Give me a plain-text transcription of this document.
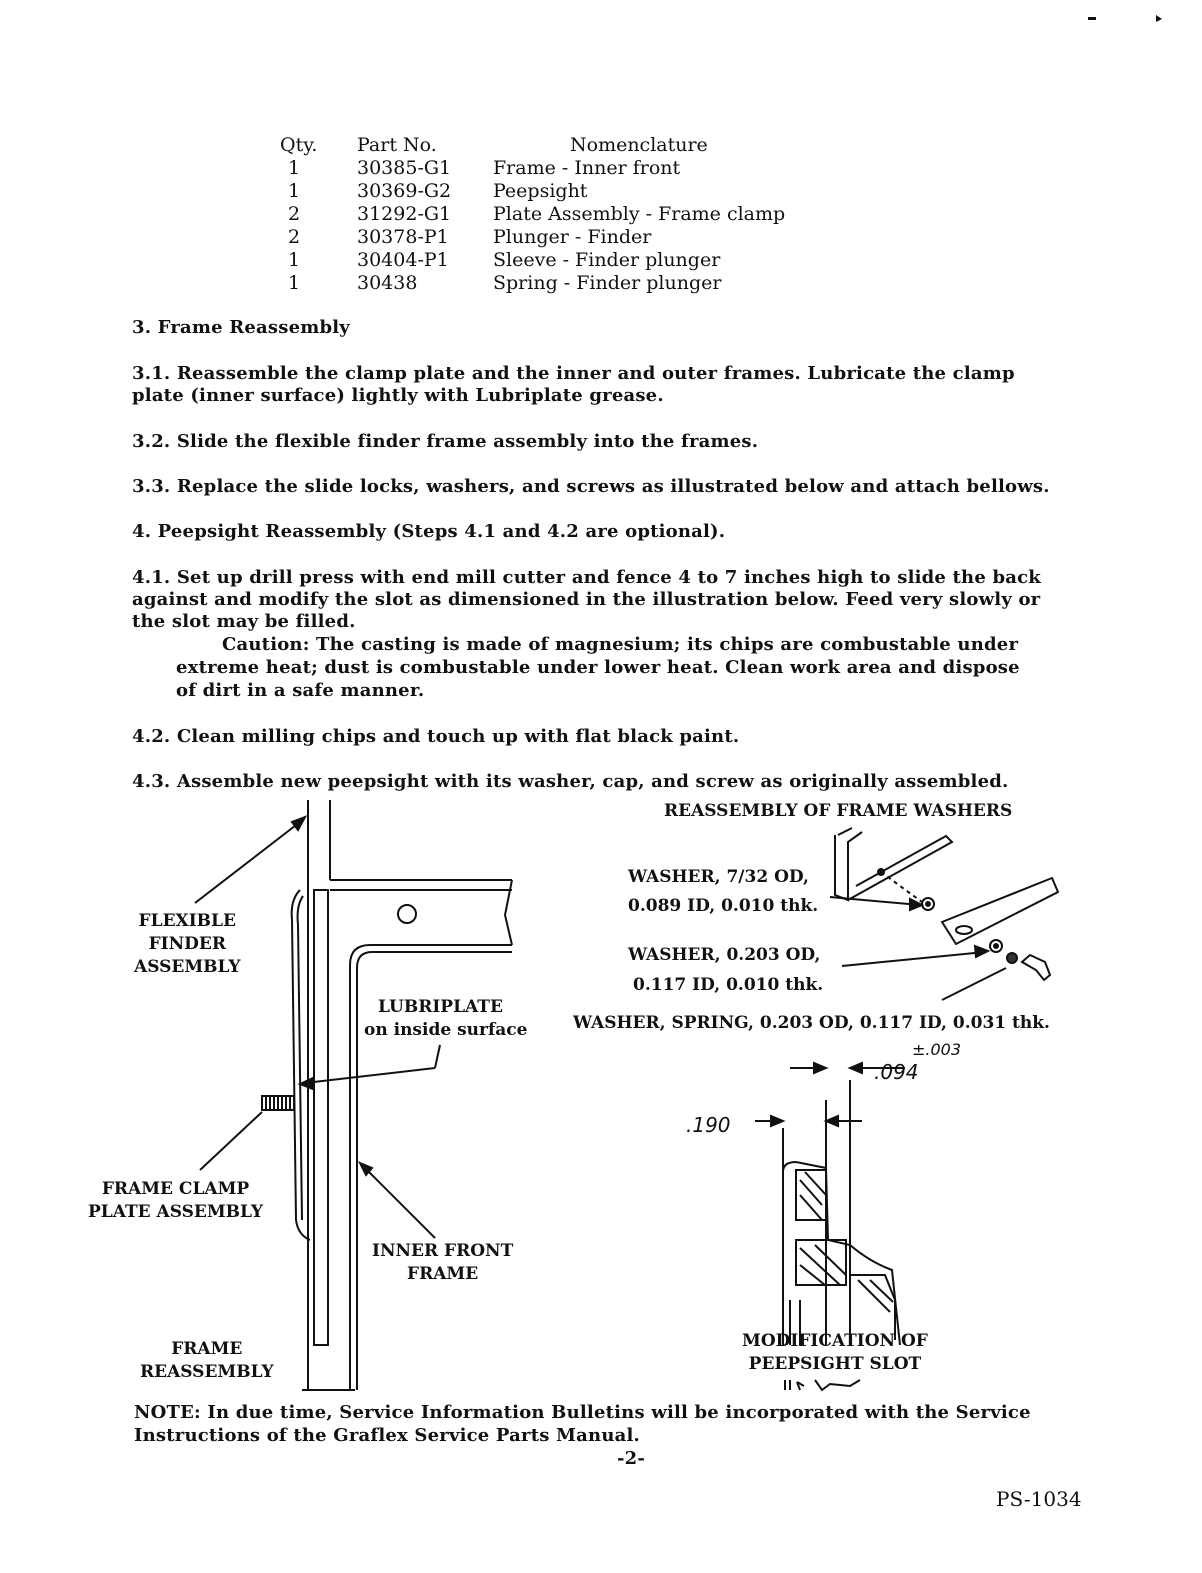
Qty. Part No.	Nomenclature
1	30385-G1 Frame - Inner front
1	30369-G2 Peepsight
2	31292-G1 Plate Assembly - Frame clamp
2	30378-P1 Plunger - Finder
1	30404-P1 Sleeve - Finder plunger
1	30438	Spring - Finder plunger
3. Frame Reassembly
3.1. Reassemble the clamp plate and the inner and outer frames. Lubricate the clamp
plate (inner surface) lightly with Lubriplate grease.
3.2. Slide the flexible finder frame assembly into the frames.
3.3. Replace the slide locks, washers, and screws as illustrated below and attach bellows.
4. Peepsight Reassembly (Steps 4.1 and 4.2 are optional).
4.1. Set up drill press with end mill cutter and fence 4 to 7 inches high to slide the back
against and modify the slot as dimensioned in the illustration below. Feed very slowly or
the slot may be filled.
Caution: The casting is made of magnesium; its chips are combustable under
extreme heat; dust is combustable under lower heat. Clean work area and dispose
of dirt in a safe manner.
4.2. Clean milling chips and touch up with flat black paint.
4.3. Assemble new peepsight with its washer, cap, and screw as originally assembled.
FLEXIBLE
FINDER
ASSEMBLY
LUBRIPLATE
on inside surface
FRAME CLAMP
PLATE ASSEMBLY
INNER FRONT
FRAME
FRAME
REASSEMBLY
REASSEMBLY OF FRAME WASHERS
WASHER, 7/32 OD,
0.089 ID, 0.010 thk.
WASHER, 0.203 OD,
0.117 ID, 0.010 thk.
WASHER, SPRING, 0.203 OD, 0.117 ID, 0.031 thk.
±.003
.094
.190
MODIFICATION OF
PEEPSIGHT SLOT
NOTE: In due time, Service Information Bulletins will be incorporated with the Service
Instructions of the Graflex Service Parts Manual.
-2-
PS-1034
